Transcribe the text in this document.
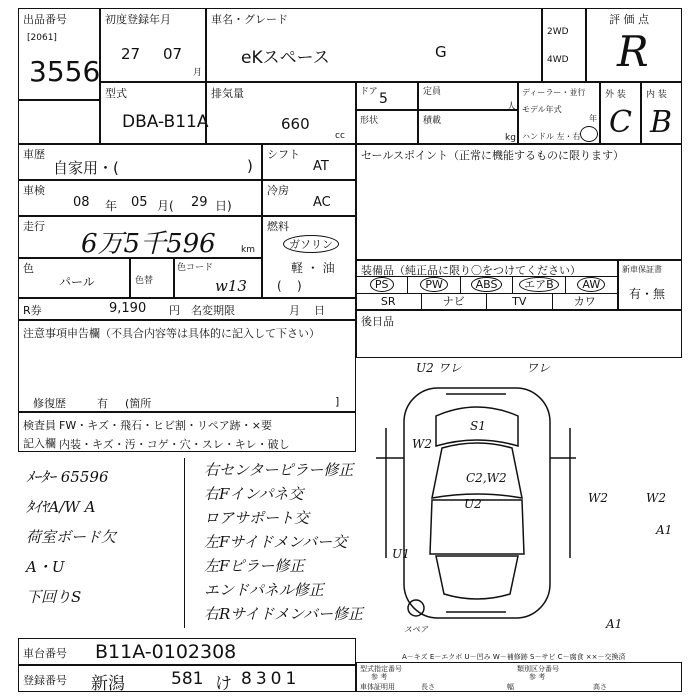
出品番号
[2061]
3556
初度登録年月
27 07
月
車名・グレード
eKスペース	G
2WD
4WD
評 価 点
R
型式
DBA-B11A
排気量
660
cc
ドア 5	定員
人
形状	積載
kg
ディーラー・並行
モデル年式
年
ハンドル 左・右
外 装
C
内 装
B
車歴
自家用・(	)
シフト
AT
車検
08 年 05 月( 29 日)
冷房
AC
走行
6万5千596	km
燃料
ガソリン
軽 ・ 油
(    )
色
パール	色替
色コード
w13
R券	9,190 円 名変期限	月    日
セールスポイント（正常に機能するものに限ります）
装備品（純正品に限り〇をつけてください）
PS	PW	ABS	エアB	AW
SR	ナビ	TV	カワ
新車保証書
有・無
後日品
注意事項申告欄（不具合内容等は具体的に記入して下さい）
修復歴	有 (箇所	]
検査員
記入欄
FW・キズ・飛石・ヒビ割・リペア跡・×要
内装・キズ・汚・コゲ・穴・スレ・キレ・破し
ﾒｰﾀｰ 65596
ﾀｲﾔA/W A
荷室ボード欠
A・U
下回りS
右センターピラー修正
右Fインパネ交
ロアサポート交
左Fサイドメンバー交
左Fピラー修正
エンドパネル修正
右Rサイドメンバー修正
U2 ワレ	ワレ
S1
C2,W2
U2
W2
W2	W2
A1
U1
A1
スペア
車台番号 B11A-0102308
登録番号 新潟	581 け 8301
A－キズ E－エクボ U－凹み W－補修跡 S－サビ C－腐食 ××－交換済
型式指定番号
参 考
類別区分番号
参 考
車体証明用	長さ	幅	高さ
